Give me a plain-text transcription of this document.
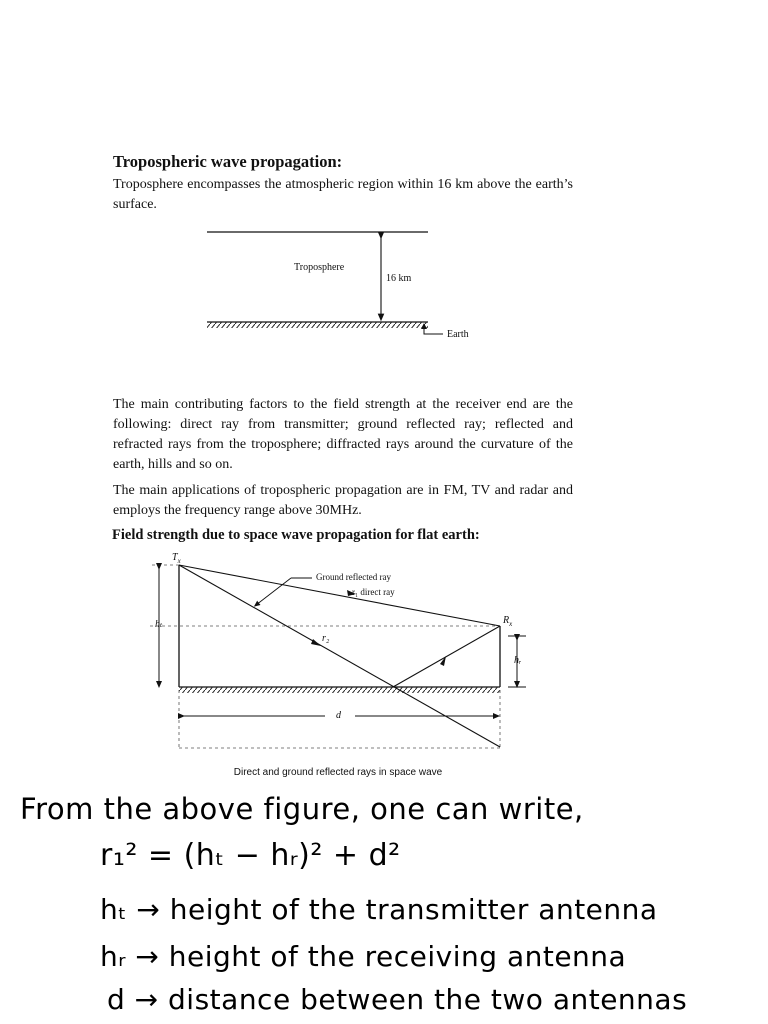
Tropospheric wave propagation:
Troposphere encompasses the atmospheric region within 16 km above the earth’s surface.
Troposphere
16 km
Earth
The main contributing factors to the field strength at the receiver end are the following: direct ray from transmitter; ground reflected ray; reflected and refracted rays from the troposphere; diffracted rays around the curvature of the earth, hills and so on.
The main applications of tropospheric propagation are in FM, TV and radar and employs the frequency range above 30MHz.
Field strength due to space wave propagation for flat earth:
$T_x$
$R_x$
Ground reflected ray
r₁ direct ray
r₂
hₜ
hᵣ
d
Direct and ground reflected rays in space wave
From the above figure, one can write,
r₁² = (hₜ − hᵣ)² + d²
hₜ → height of the transmitter antenna
hᵣ → height of the receiving antenna
d → distance between the two antennas
